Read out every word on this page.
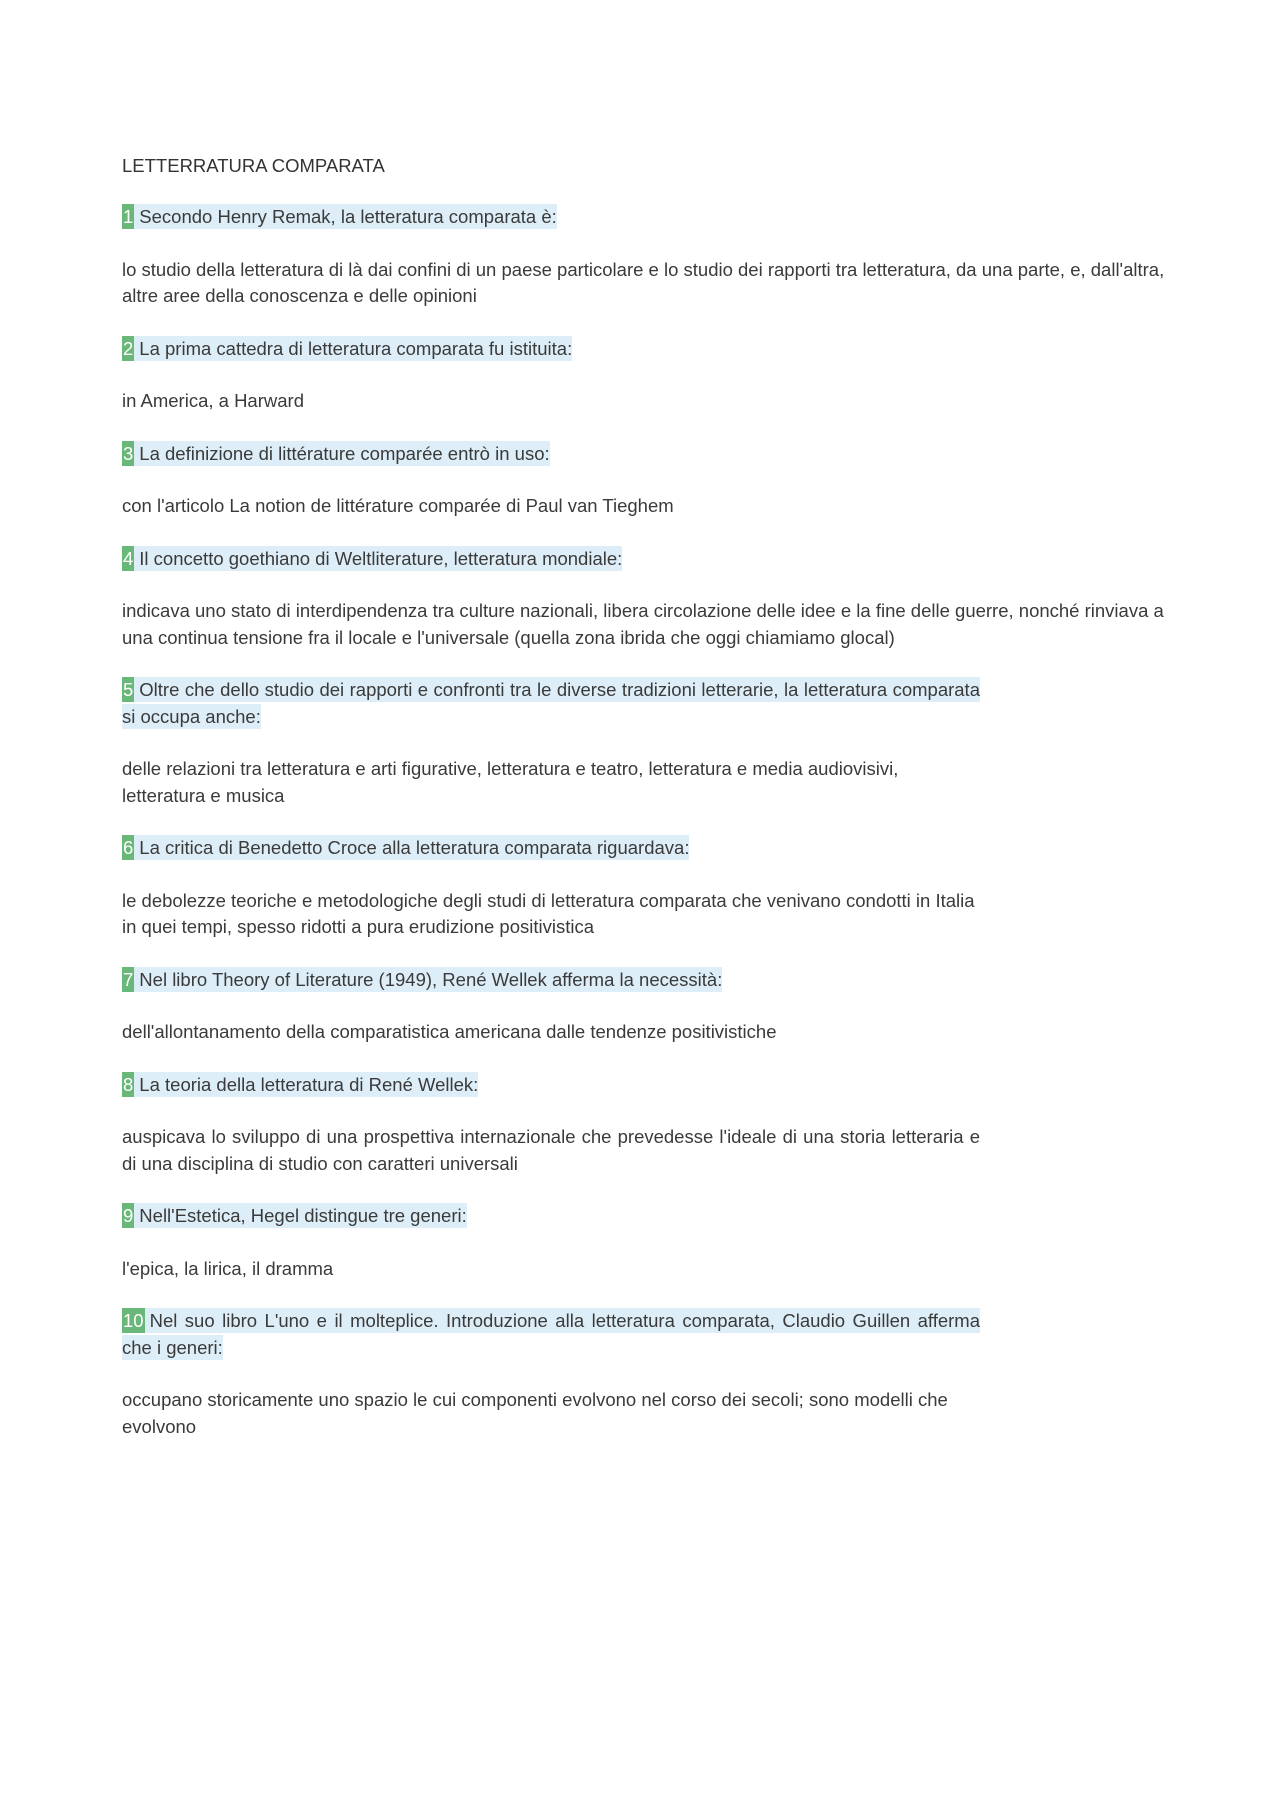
LETTERRATURA COMPARATA
1 Secondo Henry Remak, la letteratura comparata è:
lo studio della letteratura di là dai confini di un paese particolare e lo studio dei rapporti tra letteratura, da una parte, e, dall'altra, altre aree della conoscenza e delle opinioni
2 La prima cattedra di letteratura comparata fu istituita:
in America, a Harward
3 La definizione di littérature comparée entrò in uso:
con l'articolo La notion de littérature comparée di Paul van Tieghem
4 Il concetto goethiano di Weltliterature, letteratura mondiale:
indicava uno stato di interdipendenza tra culture nazionali, libera circolazione delle idee e la fine delle guerre, nonché rinviava a una continua tensione fra il locale e l'universale (quella zona ibrida che oggi chiamiamo glocal)
5 Oltre che dello studio dei rapporti e confronti tra le diverse tradizioni letterarie, la letteratura comparata si occupa anche:
delle relazioni tra letteratura e arti figurative, letteratura e teatro, letteratura e media audiovisivi, letteratura e musica
6 La critica di Benedetto Croce alla letteratura comparata riguardava:
le debolezze teoriche e metodologiche degli studi di letteratura comparata che venivano condotti in Italia in quei tempi, spesso ridotti a pura erudizione positivistica
7 Nel libro Theory of Literature (1949), René Wellek afferma la necessità:
dell'allontanamento della comparatistica americana dalle tendenze positivistiche
8 La teoria della letteratura di René Wellek:
auspicava lo sviluppo di una prospettiva internazionale che prevedesse l'ideale di una storia letteraria e di una disciplina di studio con caratteri universali
9 Nell'Estetica, Hegel distingue tre generi:
l'epica, la lirica, il dramma
10 Nel suo libro L'uno e il molteplice. Introduzione alla letteratura comparata, Claudio Guillen afferma che i generi:
occupano storicamente uno spazio le cui componenti evolvono nel corso dei secoli; sono modelli che evolvono
